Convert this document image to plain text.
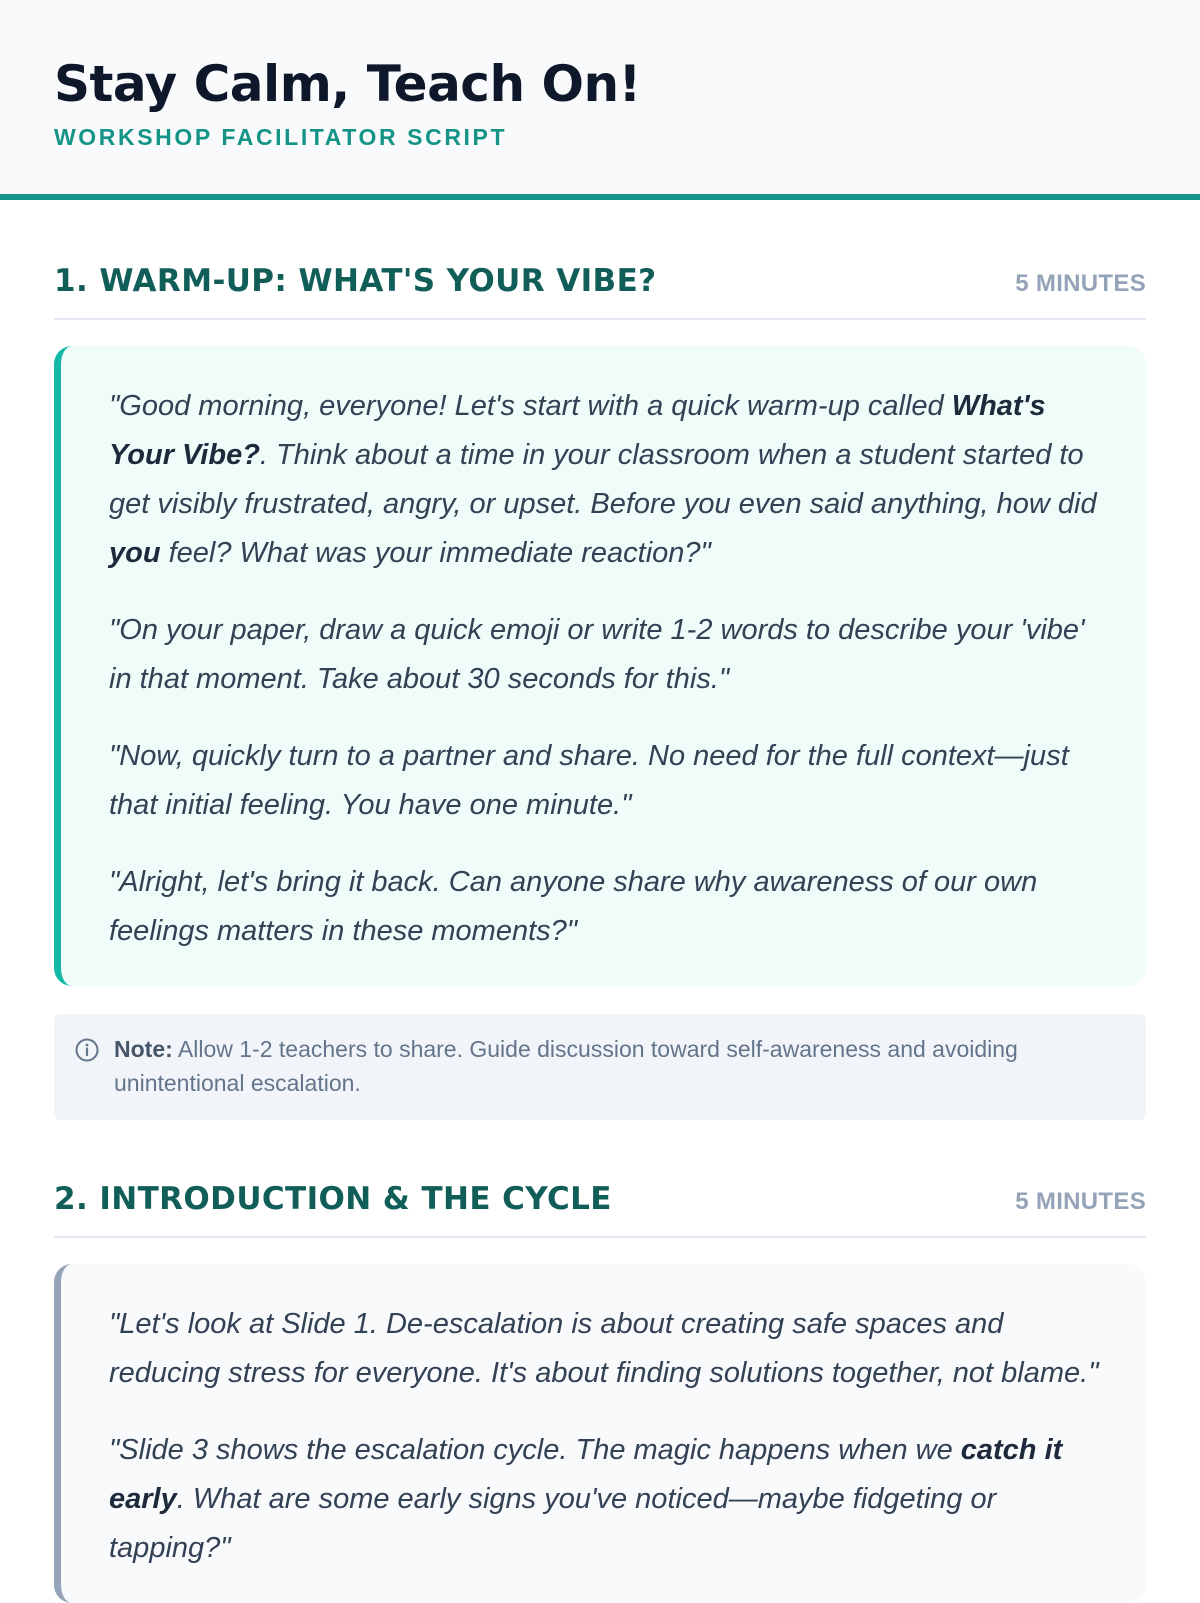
Stay Calm, Teach On!
WORKSHOP FACILITATOR SCRIPT
1. WARM-UP: WHAT'S YOUR VIBE?	5 MINUTES

"Good morning, everyone! Let's start with a quick warm-up called What's Your Vibe?. Think about a time in your classroom when a student started to get visibly frustrated, angry, or upset. Before you even said anything, how did you feel? What was your immediate reaction?"

"On your paper, draw a quick emoji or write 1-2 words to describe your 'vibe' in that moment. Take about 30 seconds for this."

"Now, quickly turn to a partner and share. No need for the full context—just that initial feeling. You have one minute."

"Alright, let's bring it back. Can anyone share why awareness of our own feelings matters in these moments?"

Note: Allow 1-2 teachers to share. Guide discussion toward self-awareness and avoiding unintentional escalation.
2. INTRODUCTION & THE CYCLE	5 MINUTES

"Let's look at Slide 1. De-escalation is about creating safe spaces and reducing stress for everyone. It's about finding solutions together, not blame."

"Slide 3 shows the escalation cycle. The magic happens when we catch it early. What are some early signs you've noticed—maybe fidgeting or tapping?"
